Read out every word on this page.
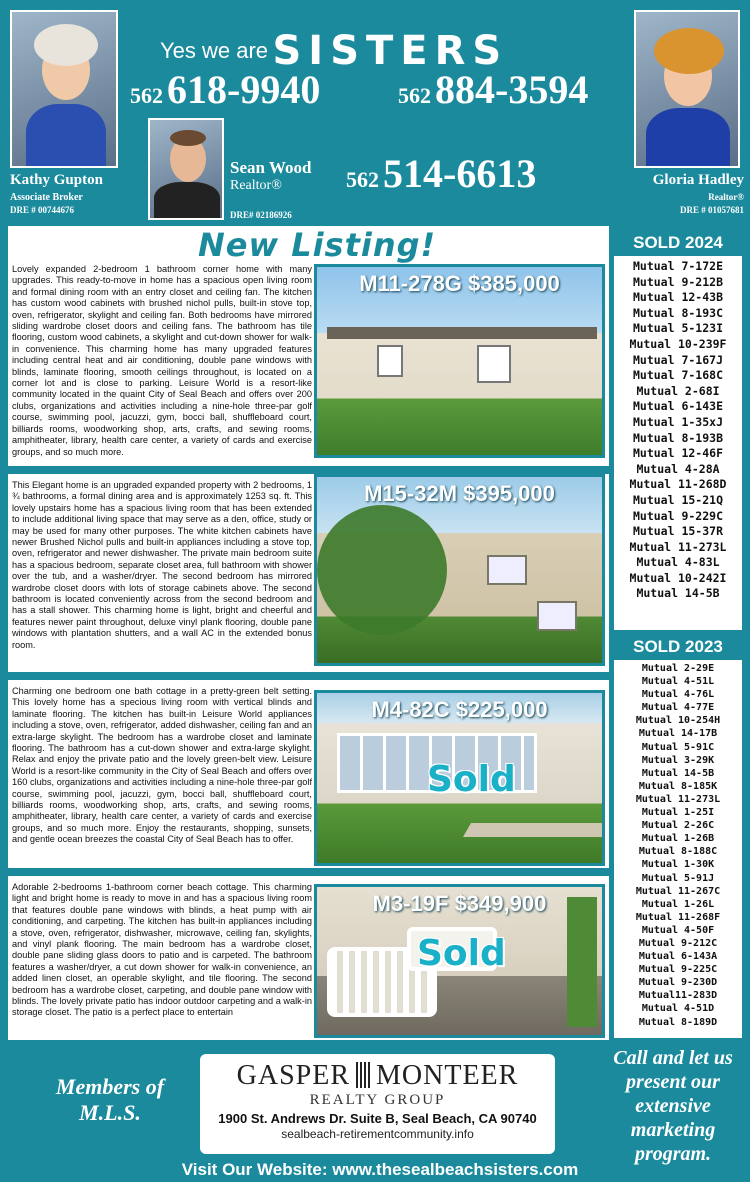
Kathy Gupton
Associate Broker
DRE # 00744676
Yes we are SISTERS
562 618-9940	562 884-3594
Sean Wood
Realtor®
DRE# 02186926
562 514-6613	Gloria Hadley
Realtor®
DRE # 01057681
New Listing!
Lovely expanded 2-bedroom 1 bathroom corner home with many upgrades. This ready-to-move in home has a spacious open living room and formal dining room with an entry closet and ceiling fan. The kitchen has custom wood cabinets with brushed nichol pulls, built-in stove top, oven, refrigerator, skylight and ceiling fan. Both bedrooms have mirrored sliding wardrobe closet doors and ceiling fans. The bathroom has tile flooring, custom wood cabinets, a skylight and cut-down shower for walk-in convenience. This charming home has many upgraded features including central heat and air conditioning, double pane windows with blinds, laminate flooring, smooth ceilings throughout, is located on a corner lot and is close to parking. Leisure World is a resort-like community located in the quaint City of Seal Beach and offers over 200 clubs, organizations and activities including a nine-hole three-par golf course, swimming pool, jacuzzi, gym, bocci ball, shuffleboard court, billiards rooms, woodworking shop, arts, crafts, and sewing rooms, amphitheater, library, health care center, a variety of cards and exercise groups, and so much more.
M11-278G $385,000
This Elegant home is an upgraded expanded property with 2 bedrooms, 1 ¾ bathrooms, a formal dining area and is approximately 1253 sq. ft. This lovely upstairs home has a spacious living room that has been extended to include additional living space that may serve as a den, office, study or may be used for many other purposes. The white kitchen cabinets have newer Brushed Nichol pulls and built-in appliances including a stove top, oven, refrigerator and newer dishwasher. The private main bedroom suite has a spacious bedroom, separate closet area, full bathroom with shower over the tub, and a washer/dryer. The second bedroom has mirrored wardrobe closet doors with lots of storage cabinets above. The second bathroom is located conveniently across from the second bedroom and has a stall shower. This charming home is light, bright and cheerful and features newer paint throughout, deluxe vinyl plank flooring, double pane windows with plantation shutters, and a wall AC in the extended bonus room.
M15-32M $395,000
Charming one bedroom one bath cottage in a pretty-green belt setting. This lovely home has a specious living room with vertical blinds and laminate flooring. The kitchen has built-in Leisure World appliances including a stove, oven, refrigerator, added dishwasher, ceiling fan and an extra-large skylight. The bedroom has a wardrobe closet and laminate flooring. The bathroom has a cut-down shower and extra-large skylight. Relax and enjoy the private patio and the lovely green-belt view. Leisure World is a resort-like community in the City of Seal Beach and offers over 160 clubs, organizations and activities including a nine-hole three-par golf course, swimming pool, jacuzzi, gym, bocci ball, shuffleboard court, billiards rooms, woodworking shop, arts, crafts, and sewing rooms, amphitheater, library, health care center, a variety of cards and exercise groups, and so much more. Enjoy the restaurants, shopping, sunsets, and gentle ocean breezes the coastal City of Seal Beach has to offer.
M4-82C $225,000
Sold
Adorable 2-bedrooms 1-bathroom corner beach cottage. This charming light and bright home is ready to move in and has a spacious living room that features double pane windows with blinds, a heat pump with air conditioning, and carpeting. The kitchen has built-in appliances including a stove, oven, refrigerator, dishwasher, microwave, ceiling fan, skylights, and vinyl plank flooring. The main bedroom has a wardrobe closet, double pane sliding glass doors to patio and is carpeted. The bathroom features a washer/dryer, a cut down shower for walk-in convenience, an added linen closet, an operable skylight, and tile flooring. The second bedroom has a wardrobe closet, carpeting, and double pane window with blinds. The lovely private patio has indoor outdoor carpeting and a walk-in storage closet. The patio is a perfect place to entertain
M3-19F $349,900
Sold
SOLD 2024
Mutual 7-172E
Mutual 9-212B
Mutual 12-43B
Mutual 8-193C
Mutual 5-123I
Mutual 10-239F
Mutual 7-167J
Mutual 7-168C
Mutual 2-68I
Mutual 6-143E
Mutual 1-35xJ
Mutual 8-193B
Mutual 12-46F
Mutual 4-28A
Mutual 11-268D
Mutual 15-21Q
Mutual 9-229C
Mutual 15-37R
Mutual 11-273L
Mutual 4-83L
Mutual 10-242I
Mutual 14-5B
SOLD 2023
Mutual 2-29E
Mutual 4-51L
Mutual 4-76L
Mutual 4-77E
Mutual 10-254H
Mutual 14-17B
Mutual 5-91C
Mutual 3-29K
Mutual 14-5B
Mutual 8-185K
Mutual 11-273L
Mutual 1-25I
Mutual 2-26C
Mutual 1-26B
Mutual 8-188C
Mutual 1-30K
Mutual 5-91J
Mutual 11-267C
Mutual 1-26L
Mutual 11-268F
Mutual 4-50F
Mutual 9-212C
Mutual 6-143A
Mutual 9-225C
Mutual 9-230D
Mutual11-283D
Mutual 4-51D
Mutual 8-189D
Members of M.L.S.
GASPER MONTEER
REALTY GROUP
1900 St. Andrews Dr. Suite B, Seal Beach, CA 90740
sealbeach-retirementcommunity.info
Call and let us present our extensive marketing program.
Visit Our Website: www.thesealbeachsisters.com
